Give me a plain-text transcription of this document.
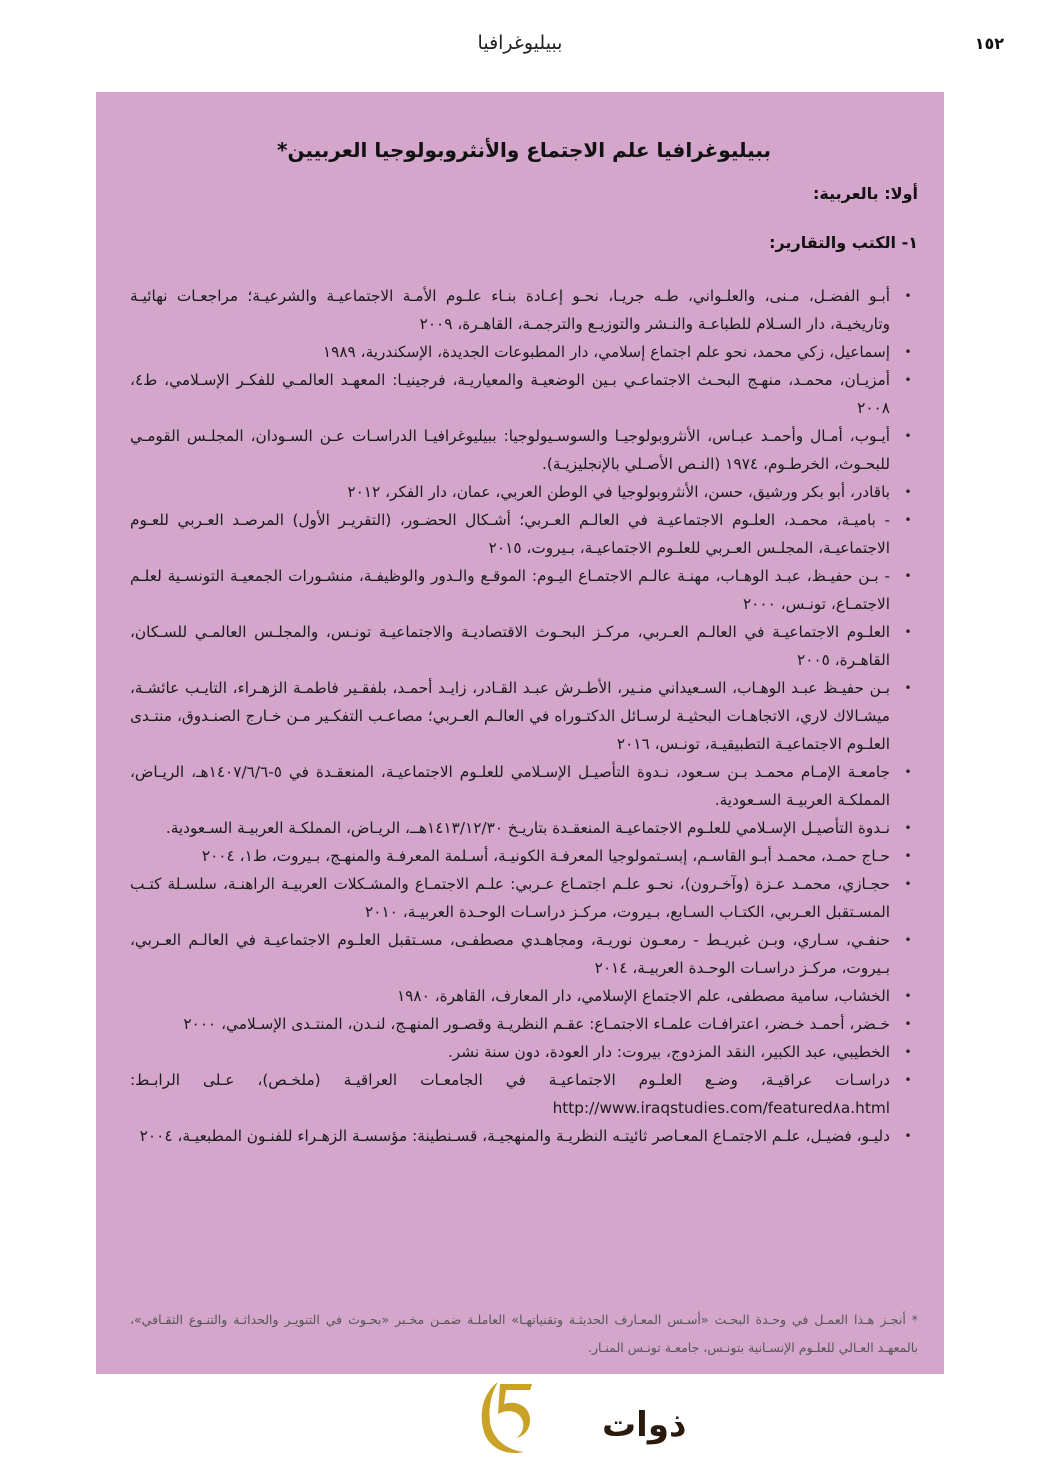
ببيليوغرافيا	١٥٢
ببيليوغرافيا علم الاجتماع والأنثروبولوجيا العربيين*
أولا: بالعربية:
١- الكتب والتقارير:
•
أبـو الفضـل، مـنى، والعلـواني، طـه جريـا، نحـو إعـادة بنـاء علـوم الأمـة الاجتماعيـة والشرعيـة؛ مراجعـات نهائيـة وتاريخيـة، دار السـلام للطباعـة والنـشر والتوزيـع والترجمـة، القاهـرة، ٢٠٠٩
•
إسماعيل، زكي محمد، نحو علم اجتماع إسلامي، دار المطبوعات الجديدة، الإسكندرية، ١٩٨٩
•
أمزيـان، محمـد، منهـج البحـث الاجتماعـي بـين الوضعيـة والمعياريـة، فرجينيـا: المعهـد العالمـي للفكـر الإسـلامي، ط٤، ٢٠٠٨
•
أيـوب، أمـال وأحمـد عبـاس، الأنثروبولوجيـا والسوسـيولوجيا: ببيليوغرافيـا الدراسـات عـن السـودان، المجلـس القومـي للبحـوث، الخرطـوم، ١٩٧٤ (النـص الأصـلي بالإنجليزيـة).
•
باقادر، أبو بكر ورشيق، حسن، الأنثروبولوجيا في الوطن العربي، عمان، دار الفكر، ٢٠١٢
•
- باميـة، محمـد، العلـوم الاجتماعيـة في العالـم العـربي؛ أشـكال الحضـور، (التقريـر الأول) المرصـد العـربي للعـوم الاجتماعيـة، المجلـس العـربي للعلـوم الاجتماعيـة، بـيروت، ٢٠١٥
•
- بـن حفيـظ، عبـد الوهـاب، مهنـة عالـم الاجتمـاع اليـوم: الموقـع والـدور والوظيفـة، منشـورات الجمعيـة التونسـية لعلـم الاجتمـاع، تونـس، ٢٠٠٠
•
العلـوم الاجتماعيـة في العالـم العـربي، مركـز البحـوث الاقتصاديـة والاجتماعيـة تونـس، والمجلـس العالمـي للسـكان، القاهـرة، ٢٠٠٥
•
بـن حفيـظ عبـد الوهـاب، السـعيداني منـير، الأطـرش عبـد القـادر، زايـد أحمـد، بلفقـير فاطمـة الزهـراء، التايـب عائشـة، ميشـالاك لاري، الاتجاهـات البحثيـة لرسـائل الدكتـوراه في العالـم العـربي؛ مصاعـب التفكـير مـن خـارج الصنـدوق، منتـدى العلـوم الاجتماعيـة التطبيقيـة، تونـس، ٢٠١٦
•
جامعـة الإمـام محمـد بـن سـعود، نـدوة التأصيـل الإسـلامي للعلـوم الاجتماعيـة، المنعقـدة في ٥-١٤٠٧/٦/٦هـ، الريـاض، المملكـة العربيـة السـعودية.
•
نـدوة التأصيـل الإسـلامي للعلـوم الاجتماعيـة المنعقـدة بتاريـخ ١٤١٣/١٢/٣٠هــ، الريـاض، المملكـة العربيـة السـعودية.
•
حـاج حمـد، محمـد أبـو القاسـم، إبسـتمولوجيا المعرفـة الكونيـة، أسـلمة المعرفـة والمنهـج، بـيروت، ط١، ٢٠٠٤
•
حجـازي، محمـد عـزة (وآخـرون)، نحـو علـم اجتمـاع عـربي: علـم الاجتمـاع والمشـكلات العربيـة الراهنـة، سلسـلة كتـب المسـتقبل العـربي، الكتـاب السـابع، بـيروت، مركـز دراسـات الوحـدة العربيـة، ٢٠١٠
•
حنفـي، سـاري، وبـن غبريـط - رمعـون نوريـة، ومجاهـدي مصطفـى، مسـتقبل العلـوم الاجتماعيـة في العالـم العـربي، بـيروت، مركـز دراسـات الوحـدة العربيـة، ٢٠١٤
•
الخشاب، سامية مصطفى، علم الاجتماع الإسلامي، دار المعارف، القاهرة، ١٩٨٠
•
خـضر، أحمـد خـضر، اعترافـات علمـاء الاجتمـاع: عقـم النظريـة وقصـور المنهـج، لنـدن، المنتـدى الإسـلامي، ٢٠٠٠
•
الخطيبي، عبد الكبير، النقد المزدوج، بيروت: دار العودة، دون سنة نشر.
•
دراسـات عراقيـة، وضـع العلـوم الاجتماعيـة في الجامعـات العراقيـة (ملخـص)، عـلى الرابـط: http://www.iraqstudies.com/featured٨a.html
•
دليـو، فضيـل، علـم الاجتمـاع المعـاصر ثائيتـه النظريـة والمنهجيـة، قسـنطينة: مؤسسـة الزهـراء للفنـون المطبعيـة، ٢٠٠٤
* أنجـز هـذا العمـل في وحـدة البحـث «أسـس المعـارف الحديثـة وتقنياتهـا» العاملـة ضمـن مخـبر «بحـوث في التنويـر والحداثـة والتنـوع الثقـافي»، بالمعهـد العـالي للعلـوم الإنسـانية بتونـس، جامعـة تونـس المنـار.
ذوات
